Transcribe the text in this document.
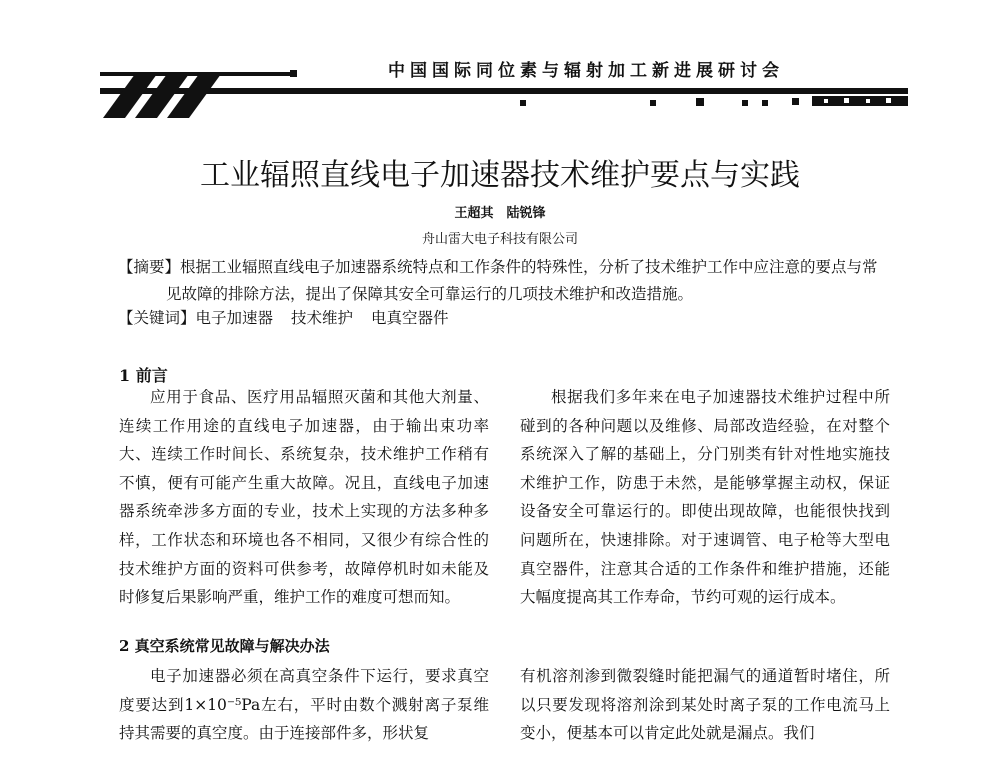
中国国际同位素与辐射加工新进展研讨会
工业辐照直线电子加速器技术维护要点与实践
王超其　陆锐锋
舟山雷大电子科技有限公司
【摘要】根据工业辐照直线电子加速器系统特点和工作条件的特殊性，分析了技术维护工作中应注意的要点与常见故障的排除方法，提出了保障其安全可靠运行的几项技术维护和改造措施。
【关键词】电子加速器 技术维护 电真空器件
1 前言
应用于食品、医疗用品辐照灭菌和其他大剂量、连续工作用途的直线电子加速器，由于输出束功率大、连续工作时间长、系统复杂，技术维护工作稍有不慎，便有可能产生重大故障。况且，直线电子加速器系统牵涉多方面的专业，技术上实现的方法多种多样，工作状态和环境也各不相同，又很少有综合性的技术维护方面的资料可供参考，故障停机时如未能及时修复后果影响严重，维护工作的难度可想而知。
根据我们多年来在电子加速器技术维护过程中所碰到的各种问题以及维修、局部改造经验，在对整个系统深入了解的基础上，分门别类有针对性地实施技术维护工作，防患于未然，是能够掌握主动权，保证设备安全可靠运行的。即使出现故障，也能很快找到问题所在，快速排除。对于速调管、电子枪等大型电真空器件，注意其合适的工作条件和维护措施，还能大幅度提高其工作寿命，节约可观的运行成本。
2 真空系统常见故障与解决办法
电子加速器必须在高真空条件下运行，要求真空度要达到1×10⁻⁵Pa左右，平时由数个溅射离子泵维持其需要的真空度。由于连接部件多，形状复
有机溶剂渗到微裂缝时能把漏气的通道暂时堵住，所以只要发现将溶剂涂到某处时离子泵的工作电流马上变小，便基本可以肯定此处就是漏点。我们
